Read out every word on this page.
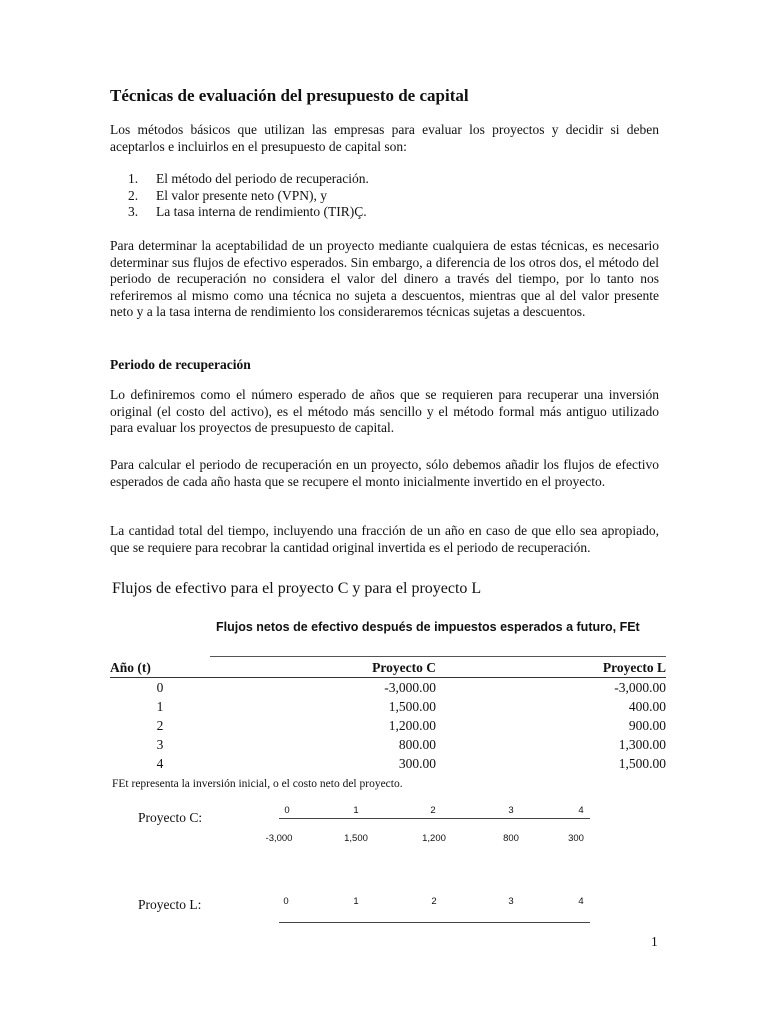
Técnicas de evaluación del presupuesto de capital

Los métodos básicos que utilizan las empresas para evaluar los proyectos y decidir si deben aceptarlos e incluirlos en el presupuesto de capital son:

1.	El método del periodo de recuperación.
2.	El valor presente neto (VPN), y
3.	La tasa interna de rendimiento (TIR)Ç.

Para determinar la aceptabilidad de un proyecto mediante cualquiera de estas técnicas, es necesario determinar sus flujos de efectivo esperados. Sin embargo, a diferencia de los otros dos, el método del periodo de recuperación no considera el valor del dinero a través del tiempo, por lo tanto nos referiremos al mismo como una técnica no sujeta a descuentos, mientras que al del valor presente neto y a la tasa interna de rendimiento los consideraremos técnicas sujetas a descuentos.

Periodo de recuperación

Lo definiremos como el número esperado de años que se requieren para recuperar una inversión original (el costo del activo), es el método más sencillo y el método formal más antiguo utilizado para evaluar los proyectos de presupuesto de capital.

Para calcular el periodo de recuperación en un proyecto, sólo debemos añadir los flujos de efectivo esperados de cada año hasta que se recupere el monto inicialmente invertido en el proyecto.

La cantidad total del tiempo, incluyendo una fracción de un año en caso de que ello sea apropiado, que se requiere para recobrar la cantidad original invertida es el periodo de recuperación.

Flujos de efectivo para el proyecto C y para el proyecto L
Flujos netos de efectivo después de impuestos esperados a futuro, FEt
Año (t)	Proyecto C	Proyecto L
0	-3,000.00	-3,000.00
1	1,500.00	400.00
2	1,200.00	900.00
3	800.00	1,300.00
4	300.00	1,500.00
FEt representa la inversión inicial, o el costo neto del proyecto.
Proyecto C:	0	1	2	3	4
-3,000	1,500	1,200	800	300
Proyecto L:	0	1	2	3	4
1
